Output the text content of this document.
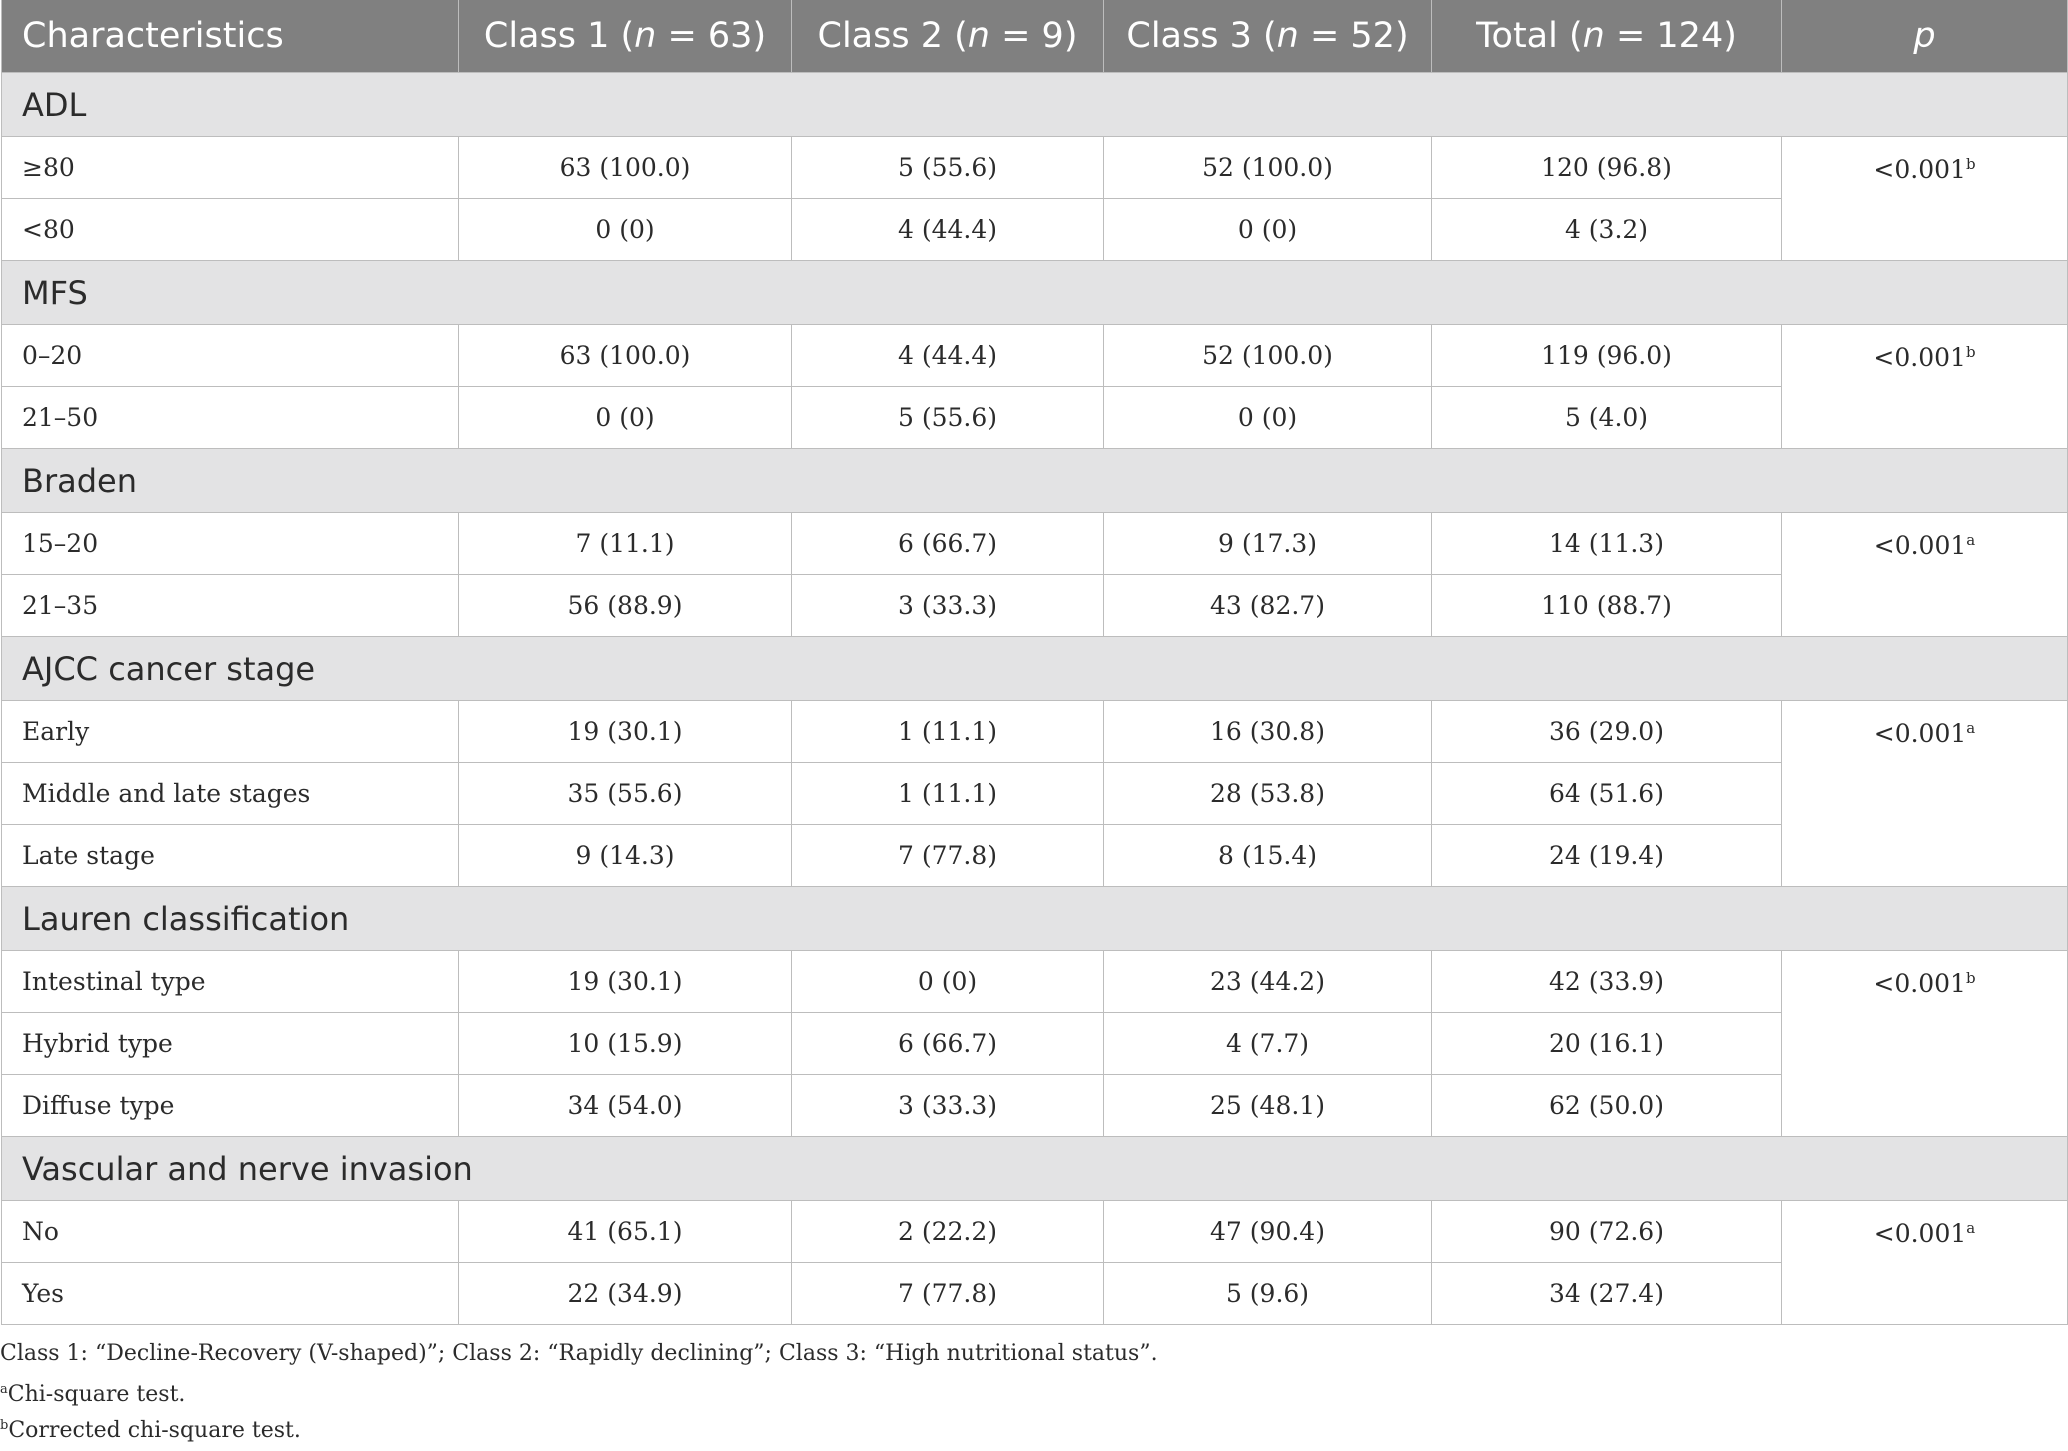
Characteristics	Class 1 (n = 63)	Class 2 (n = 9)	Class 3 (n = 52)	Total (n = 124)	p
ADL					
≥80	63 (100.0)	5 (55.6)	52 (100.0)	120 (96.8)	<0.001$^b$
<80	0 (0)	4 (44.4)	0 (0)	4 (3.2)	
MFS					
0–20	63 (100.0)	4 (44.4)	52 (100.0)	119 (96.0)	<0.001$^b$
21–50	0 (0)	5 (55.6)	0 (0)	5 (4.0)	
Braden					
15–20	7 (11.1)	6 (66.7)	9 (17.3)	14 (11.3)	<0.001$^a$
21–35	56 (88.9)	3 (33.3)	43 (82.7)	110 (88.7)	
AJCC cancer stage					
Early	19 (30.1)	1 (11.1)	16 (30.8)	36 (29.0)	<0.001$^a$
Middle and late stages	35 (55.6)	1 (11.1)	28 (53.8)	64 (51.6)	
Late stage	9 (14.3)	7 (77.8)	8 (15.4)	24 (19.4)	
Lauren classification					
Intestinal type	19 (30.1)	0 (0)	23 (44.2)	42 (33.9)	<0.001$^b$
Hybrid type	10 (15.9)	6 (66.7)	4 (7.7)	20 (16.1)	
Diffuse type	34 (54.0)	3 (33.3)	25 (48.1)	62 (50.0)	
Vascular and nerve invasion					
No	41 (65.1)	2 (22.2)	47 (90.4)	90 (72.6)	<0.001$^a$
Yes	22 (34.9)	7 (77.8)	5 (9.6)	34 (27.4)	
Class 1: “Decline-Recovery (V-shaped)”; Class 2: “Rapidly declining”; Class 3: “High nutritional status”.
$^a$Chi-square test.
$^b$Corrected chi-square test.
